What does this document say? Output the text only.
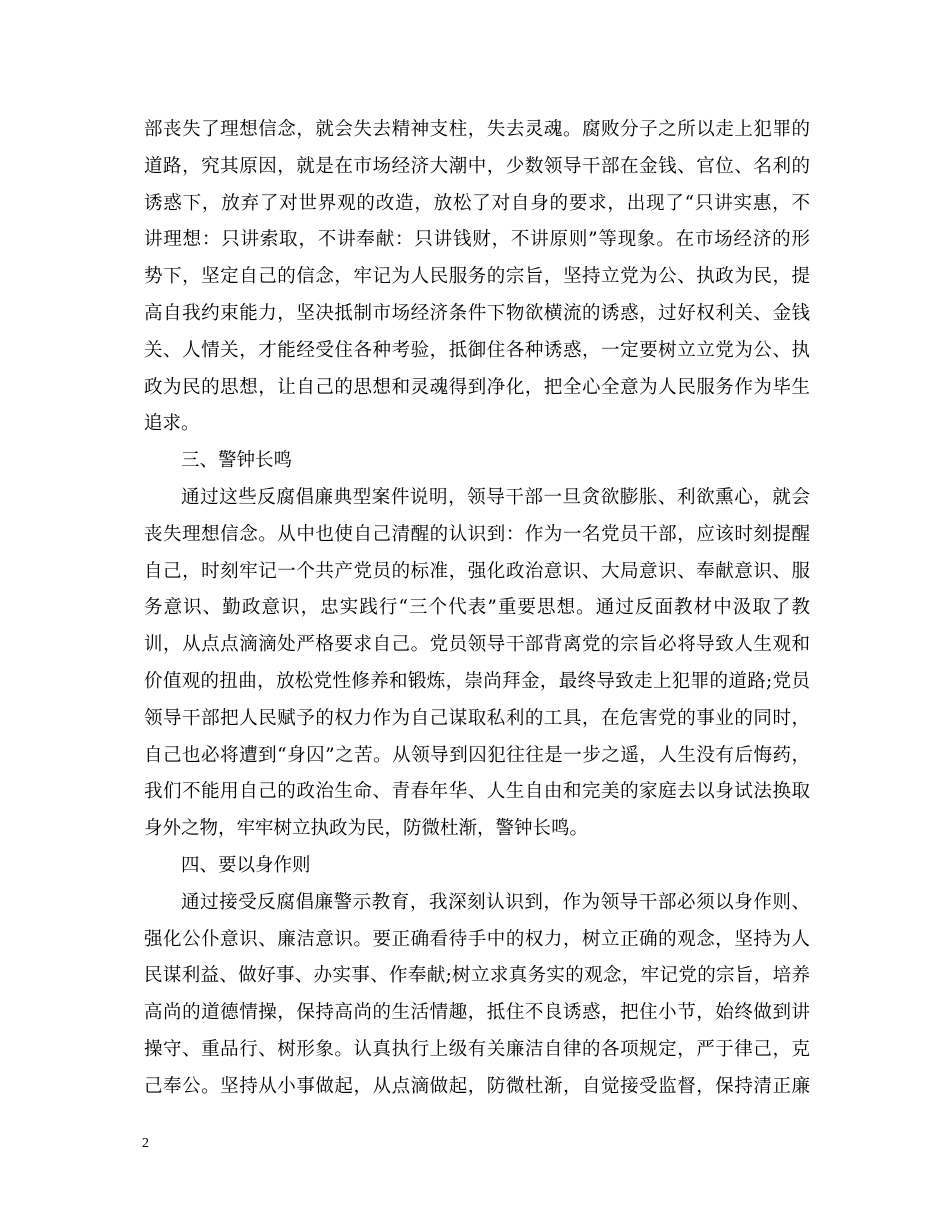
部丧失了理想信念，就会失去精神支柱，失去灵魂。腐败分子之所以走上犯罪的
道路，究其原因，就是在市场经济大潮中，少数领导干部在金钱、官位、名利的
诱惑下，放弃了对世界观的改造，放松了对自身的要求，出现了“只讲实惠，不
讲理想：只讲索取，不讲奉献：只讲钱财，不讲原则”等现象。在市场经济的形
势下，坚定自己的信念，牢记为人民服务的宗旨，坚持立党为公、执政为民，提
高自我约束能力，坚决抵制市场经济条件下物欲横流的诱惑，过好权利关、金钱
关、人情关，才能经受住各种考验，抵御住各种诱惑，一定要树立立党为公、执
政为民的思想，让自己的思想和灵魂得到净化，把全心全意为人民服务作为毕生
追求。
三、警钟长鸣
通过这些反腐倡廉典型案件说明，领导干部一旦贪欲膨胀、利欲熏心，就会
丧失理想信念。从中也使自己清醒的认识到：作为一名党员干部，应该时刻提醒
自己，时刻牢记一个共产党员的标准，强化政治意识、大局意识、奉献意识、服
务意识、勤政意识，忠实践行“三个代表”重要思想。通过反面教材中汲取了教
训，从点点滴滴处严格要求自己。党员领导干部背离党的宗旨必将导致人生观和
价值观的扭曲，放松党性修养和锻炼，崇尚拜金，最终导致走上犯罪的道路;党员
领导干部把人民赋予的权力作为自己谋取私利的工具，在危害党的事业的同时，
自己也必将遭到“身囚”之苦。从领导到囚犯往往是一步之遥，人生没有后悔药，
我们不能用自己的政治生命、青春年华、人生自由和完美的家庭去以身试法换取
身外之物，牢牢树立执政为民，防微杜渐，警钟长鸣。
四、要以身作则
通过接受反腐倡廉警示教育，我深刻认识到，作为领导干部必须以身作则、
强化公仆意识、廉洁意识。要正确看待手中的权力，树立正确的观念，坚持为人
民谋利益、做好事、办实事、作奉献;树立求真务实的观念，牢记党的宗旨，培养
高尚的道德情操，保持高尚的生活情趣，抵住不良诱惑，把住小节，始终做到讲
操守、重品行、树形象。认真执行上级有关廉洁自律的各项规定，严于律己，克
己奉公。坚持从小事做起，从点滴做起，防微杜渐，自觉接受监督，保持清正廉
2
